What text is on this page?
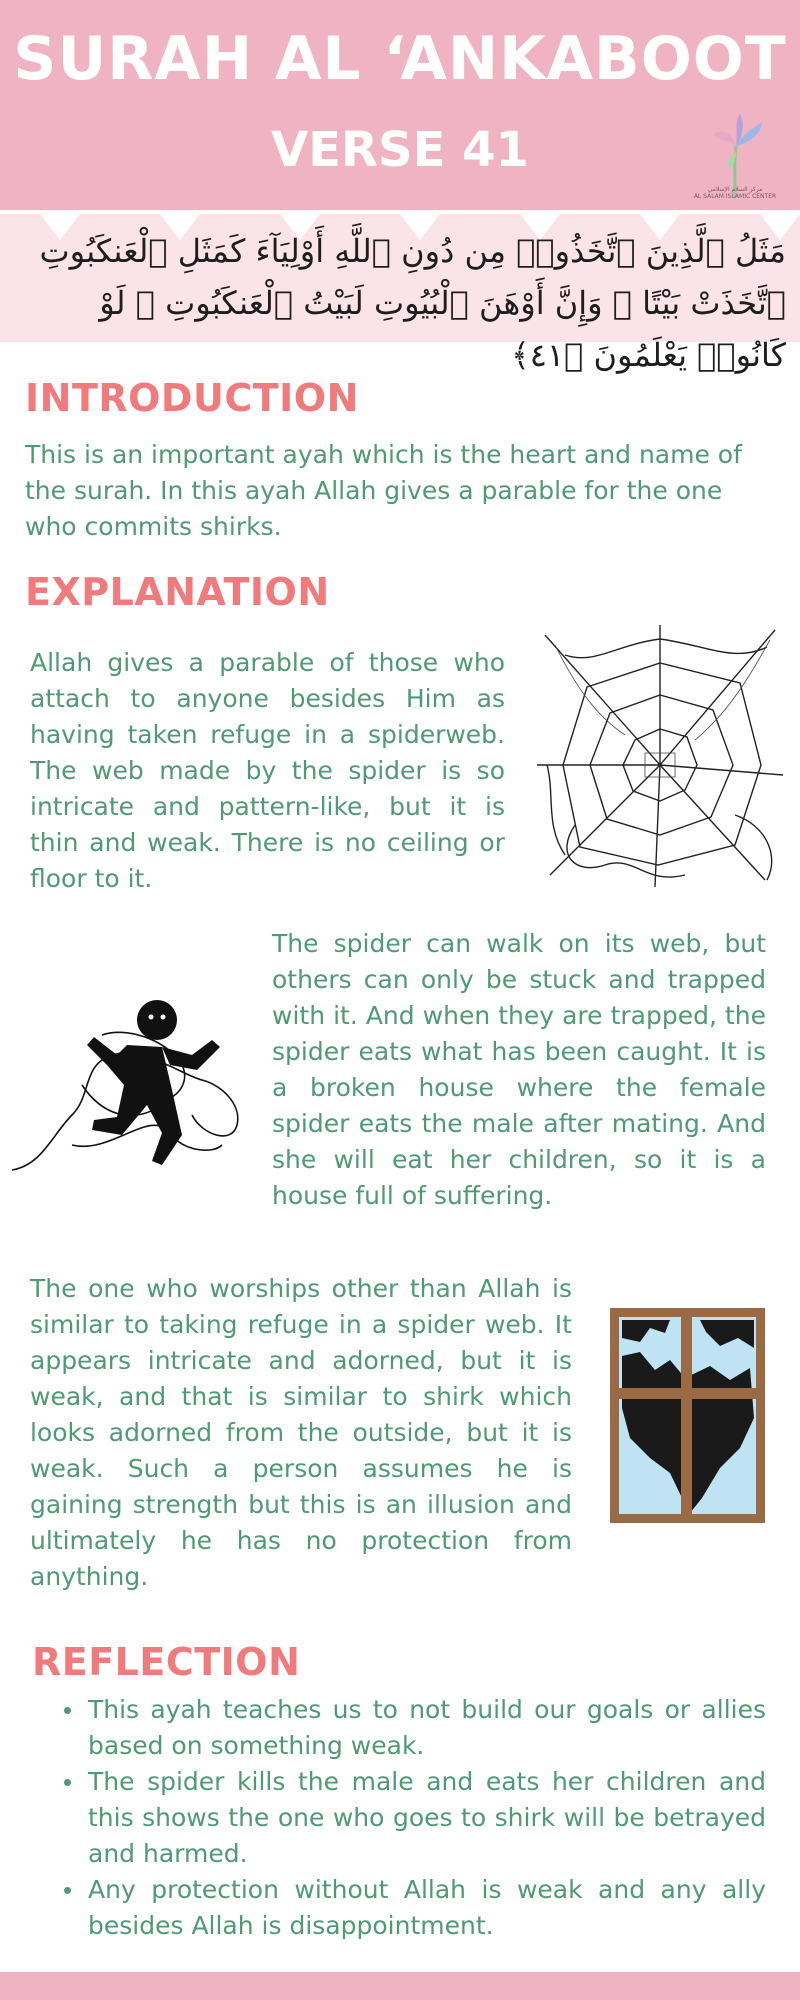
SURAH AL ‘ANKABOOT
VERSE 41
مركز السلام الإسلامي
AL SALAM ISLAMIC CENTER
مَثَلُ ٱلَّذِينَ ٱتَّخَذُوا۟ مِن دُونِ ٱللَّهِ أَوْلِيَآءَ كَمَثَلِ ٱلْعَنكَبُوتِ ٱتَّخَذَتْ بَيْتًا ۖ وَإِنَّ أَوْهَنَ ٱلْبُيُوتِ لَبَيْتُ ٱلْعَنكَبُوتِ ۖ لَوْ كَانُوا۟ يَعْلَمُونَ ﴿٤١﴾
INTRODUCTION
This is an important ayah which is the heart and name of the surah. In this ayah Allah gives a parable for the one who commits shirks.
EXPLANATION
Allah gives a parable of those who attach to anyone besides Him as having taken refuge in a spiderweb. The web made by the spider is so intricate and pattern-like, but it is thin and weak. There is no ceiling or floor to it.
The spider can walk on its web, but others can only be stuck and trapped with it. And when they are trapped, the spider eats what has been caught. It is a broken house where the female spider eats the male after mating. And she will eat her children, so it is a house full of suffering.
The one who worships other than Allah is similar to taking refuge in a spider web. It appears intricate and adorned, but it is weak, and that is similar to shirk which looks adorned from the outside, but it is weak. Such a person assumes he is gaining strength but this is an illusion and ultimately he has no protection from anything.
REFLECTION
This ayah teaches us to not build our goals or allies based on something weak.
The spider kills the male and eats her children and this shows the one who goes to shirk will be betrayed and harmed.
Any protection without Allah is weak and any ally besides Allah is disappointment.
